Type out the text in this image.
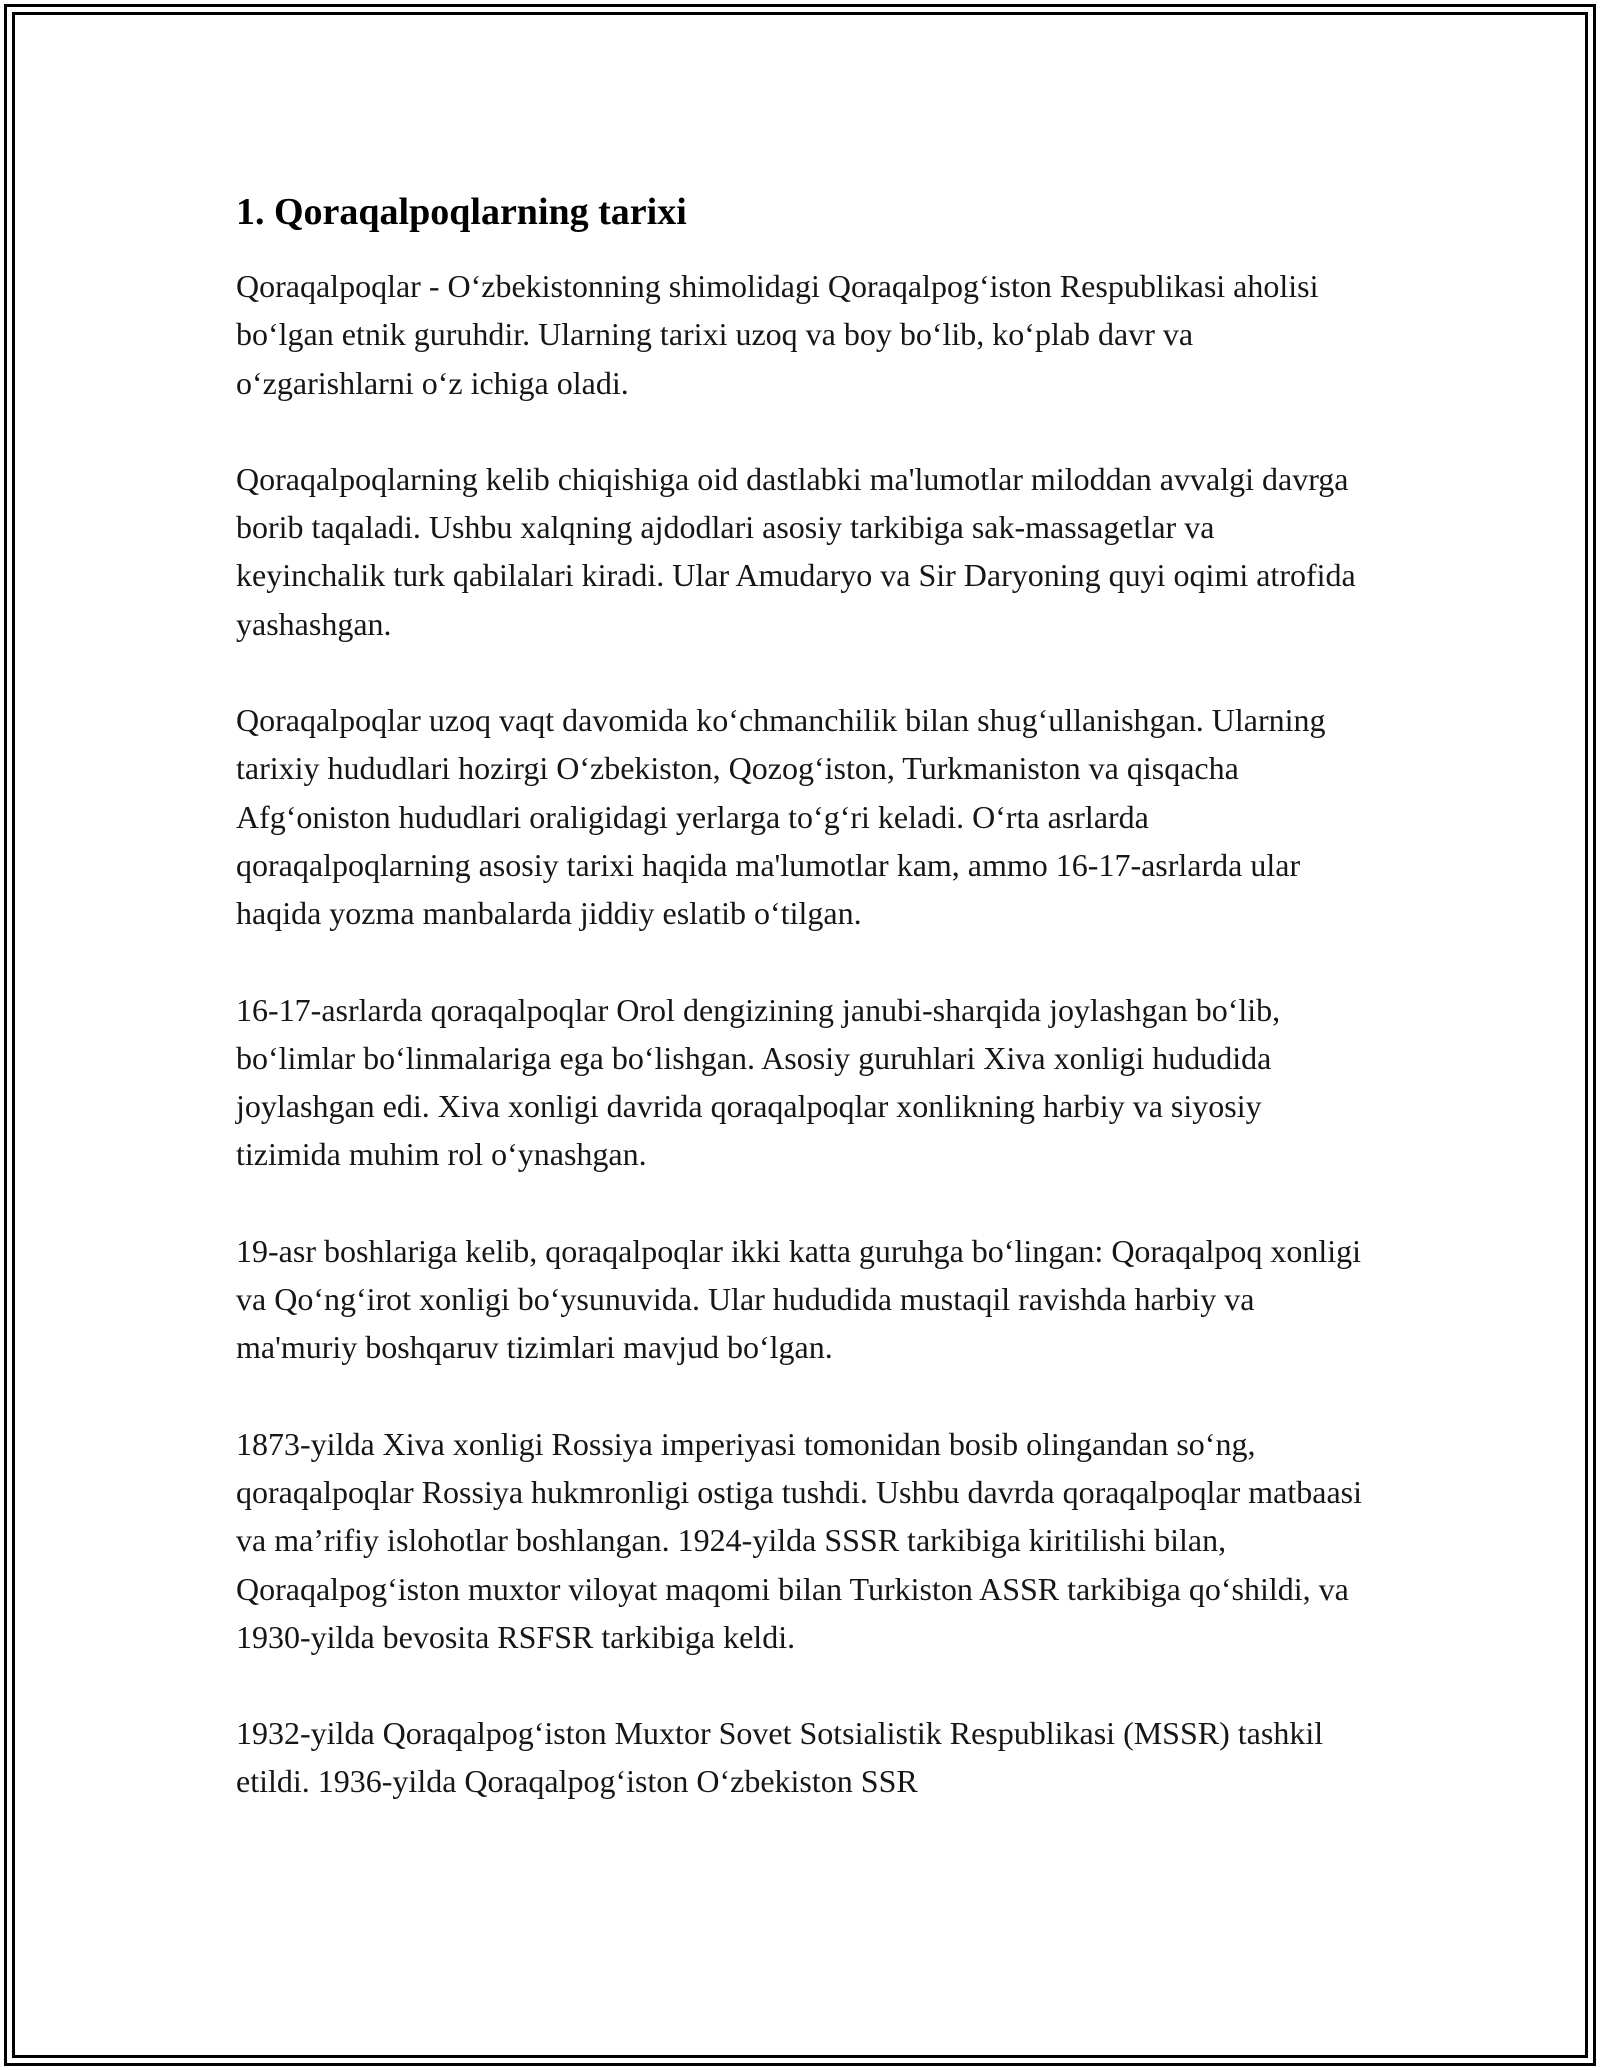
1. Qoraqalpoqlarning tarixi

Qoraqalpoqlar - O‘zbekistonning shimolidagi Qoraqalpog‘iston Respublikasi aholisi bo‘lgan etnik guruhdir. Ularning tarixi uzoq va boy bo‘lib, ko‘plab davr va o‘zgarishlarni o‘z ichiga oladi.

Qoraqalpoqlarning kelib chiqishiga oid dastlabki ma'lumotlar miloddan avvalgi davrga borib taqaladi. Ushbu xalqning ajdodlari asosiy tarkibiga sak-massagetlar va keyinchalik turk qabilalari kiradi. Ular Amudaryo va Sir Daryoning quyi oqimi atrofida yashashgan.

Qoraqalpoqlar uzoq vaqt davomida ko‘chmanchilik bilan shug‘ullanishgan. Ularning tarixiy hududlari hozirgi O‘zbekiston, Qozog‘iston, Turkmaniston va qisqacha Afg‘oniston hududlari oraligidagi yerlarga to‘g‘ri keladi. O‘rta asrlarda qoraqalpoqlarning asosiy tarixi haqida ma'lumotlar kam, ammo 16-17-asrlarda ular haqida yozma manbalarda jiddiy eslatib o‘tilgan.

16-17-asrlarda qoraqalpoqlar Orol dengizining janubi-sharqida joylashgan bo‘lib, bo‘limlar bo‘linmalariga ega bo‘lishgan. Asosiy guruhlari Xiva xonligi hududida joylashgan edi. Xiva xonligi davrida qoraqalpoqlar xonlikning harbiy va siyosiy tizimida muhim rol o‘ynashgan.

19-asr boshlariga kelib, qoraqalpoqlar ikki katta guruhga bo‘lingan: Qoraqalpoq xonligi va Qo‘ng‘irot xonligi bo‘ysunuvida. Ular hududida mustaqil ravishda harbiy va ma'muriy boshqaruv tizimlari mavjud bo‘lgan.

1873-yilda Xiva xonligi Rossiya imperiyasi tomonidan bosib olingandan so‘ng, qoraqalpoqlar Rossiya hukmronligi ostiga tushdi. Ushbu davrda qoraqalpoqlar matbaasi va ma’rifiy islohotlar boshlangan. 1924-yilda SSSR tarkibiga kiritilishi bilan, Qoraqalpog‘iston muxtor viloyat maqomi bilan Turkiston ASSR tarkibiga qo‘shildi, va 1930-yilda bevosita RSFSR tarkibiga keldi.

1932-yilda Qoraqalpog‘iston Muxtor Sovet Sotsialistik Respublikasi (MSSR) tashkil etildi. 1936-yilda Qoraqalpog‘iston O‘zbekiston SSR
